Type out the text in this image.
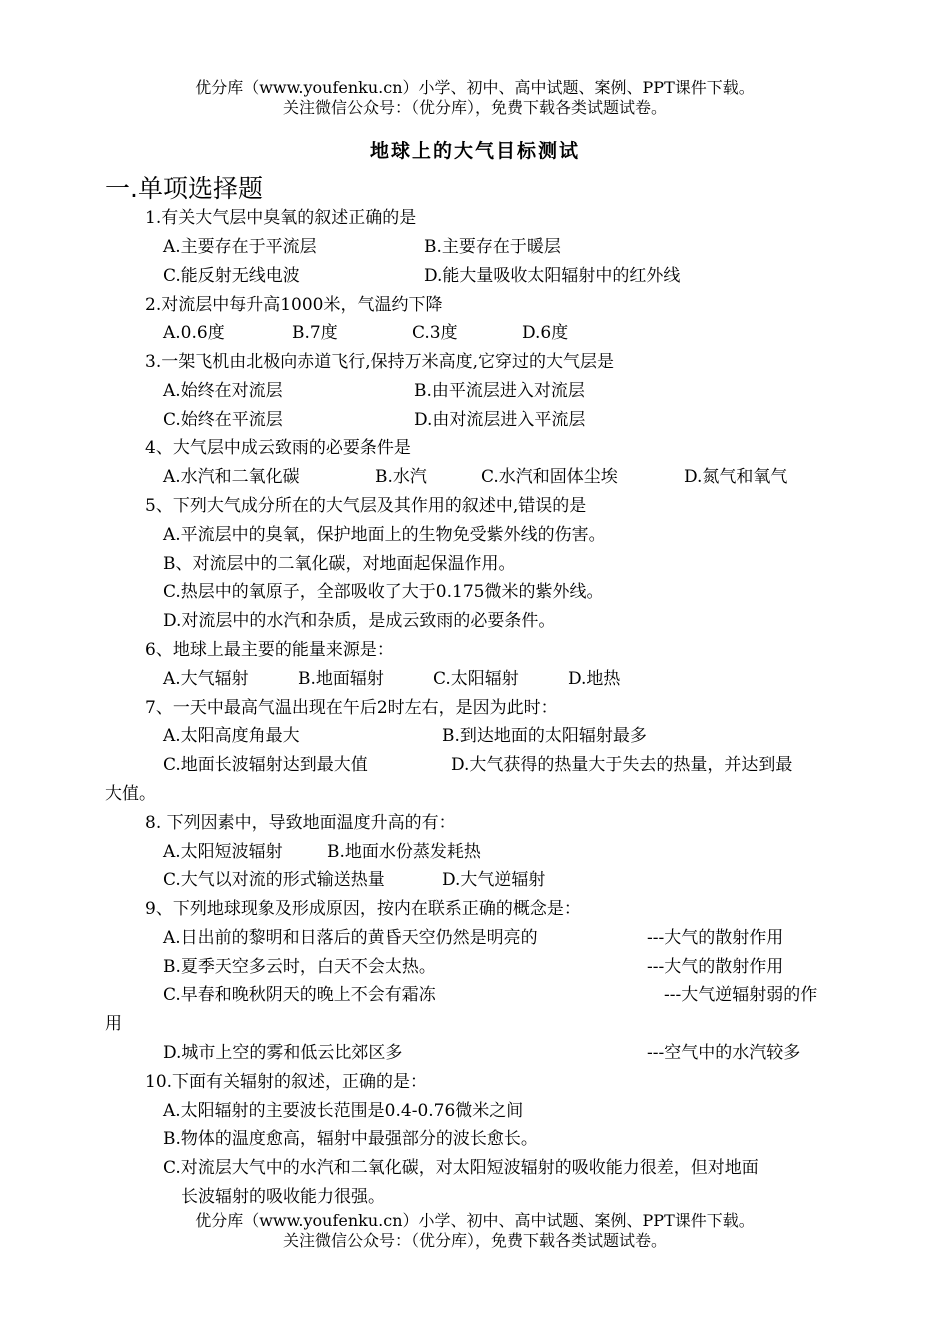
优分库（www.youfenku.cn）小学、初中、高中试题、案例、PPT课件下载。
关注微信公众号：（优分库），免费下载各类试题试卷。
地球上的大气目标测试
一.单项选择题
1.有关大气层中臭氧的叙述正确的是
A.主要存在于平流层	B.主要存在于暖层
C.能反射无线电波	D.能大量吸收太阳辐射中的红外线
2.对流层中每升高1000米，气温约下降
A.0.6度	B.7度	C.3度	D.6度
3.一架飞机由北极向赤道飞行,保持万米高度,它穿过的大气层是
A.始终在对流层	B.由平流层进入对流层
C.始终在平流层	D.由对流层进入平流层
4、大气层中成云致雨的必要条件是
A.水汽和二氧化碳	B.水汽	C.水汽和固体尘埃	D.氮气和氧气
5、下列大气成分所在的大气层及其作用的叙述中,错误的是
A.平流层中的臭氧，保护地面上的生物免受紫外线的伤害。
B、对流层中的二氧化碳，对地面起保温作用。
C.热层中的氧原子，全部吸收了大于0.175微米的紫外线。
D.对流层中的水汽和杂质，是成云致雨的必要条件。
6、地球上最主要的能量来源是：
A.大气辐射	B.地面辐射	C.太阳辐射	D.地热
7、一天中最高气温出现在午后2时左右，是因为此时：
A.太阳高度角最大	B.到达地面的太阳辐射最多
C.地面长波辐射达到最大值	D.大气获得的热量大于失去的热量，并达到最
大值。
8. 下列因素中，导致地面温度升高的有：
A.太阳短波辐射	B.地面水份蒸发耗热
C.大气以对流的形式输送热量	D.大气逆辐射
9、下列地球现象及形成原因，按内在联系正确的概念是：
A.日出前的黎明和日落后的黄昏天空仍然是明亮的	---大气的散射作用
B.夏季天空多云时，白天不会太热。	---大气的散射作用
C.早春和晚秋阴天的晚上不会有霜冻	---大气逆辐射弱的作
用
D.城市上空的雾和低云比郊区多	---空气中的水汽较多
10.下面有关辐射的叙述，正确的是：
A.太阳辐射的主要波长范围是0.4-0.76微米之间
B.物体的温度愈高，辐射中最强部分的波长愈长。
C.对流层大气中的水汽和二氧化碳，对太阳短波辐射的吸收能力很差，但对地面
长波辐射的吸收能力很强。
优分库（www.youfenku.cn）小学、初中、高中试题、案例、PPT课件下载。
关注微信公众号：（优分库），免费下载各类试题试卷。
